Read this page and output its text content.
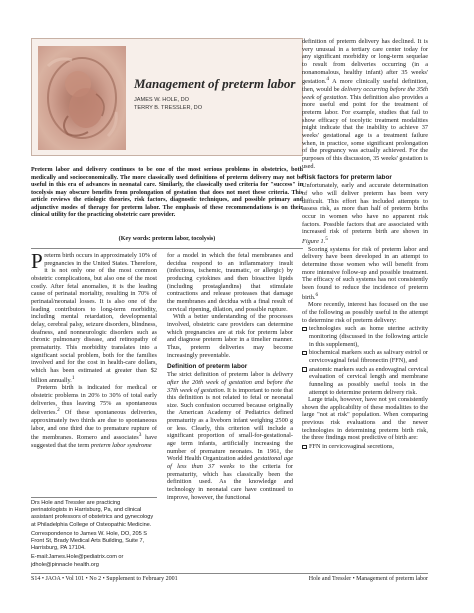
Management of preterm labor
JAMES W. HOLE, DO
TERRY B. TRESSLER, DO
Preterm labor and delivery continues to be one of the most serious problems in obstetrics, both medically and socioeconomically. The more classically used definitions of preterm delivery may not be useful in this era of advances in neonatal care. Similarly, the classically used criteria for "success" in tocolysis may obscure benefits from prolongation of gestation that does not meet these criteria. This article reviews the etiologic theories, risk factors, diagnostic techniques, and possible primary and adjunctive modes of therapy for preterm labor. The emphasis of these recommendations is on their clinical utility for the practicing obstetric care provider.
(Key words: preterm labor, tocolysis)

Preterm birth occurs in approximately 10% of pregnancies in the United States. Therefore, it is not only one of the most common obstetric complications, but also one of the most costly. After fetal anomalies, it is the leading cause of perinatal mortality, resulting in 70% of perinatal/neonatal losses. It is also one of the leading contributors to long-term morbidity, including mental retardation, developmental delay, cerebral palsy, seizure disorders, blindness, deafness, and nonneurologic disorders such as chronic pulmonary disease, and retinopathy of prematurity. This morbidity translates into a significant social problem, both for the families involved and for the cost in health-care dollars, which has been estimated at greater than $2 billion annually.$^1$

Preterm birth is indicated for medical or obstetric problems in 20% to 30% of total early deliveries, thus leaving 75% as spontaneous deliveries.$^2$ Of these spontaneous deliveries, approximately two thirds are due to spontaneous labor, and one third due to premature rupture of the membranes. Romero and associates$^3$ have suggested that the term preterm labor syndrome

Drs Hole and Tressler are practicing perinatologists in Harrisburg, Pa, and clinical assistant professors of obstetrics and gynecology at Philadelphia College of Osteopathic Medicine.

Correspondence to James W. Hole, DO, 205 S Front St, Brady Medical Arts Building, Suite 7, Harrisburg, PA 17104.

E-mail:James.Hole@pediatrix.com or jdhole@pinnacle health.org

for a model in which the fetal membranes and decidua respond to an inflammatory insult (infectious, ischemic, traumatic, or allergic) by producing cytokines and then bioactive lipids (including prostaglandins) that stimulate contractions and release proteases that damage the membranes and decidua with a final result of cervical ripening, dilation, and possible rupture.

With a better understanding of the processes involved, obstetric care providers can determine which pregnancies are at risk for preterm labor and diagnose preterm labor in a timelier manner. Thus, preterm deliveries may become increasingly preventable.

Definition of preterm labor

The strict definition of preterm labor is delivery after the 20th week of gestation and before the 37th week of gestation. It is important to note that this definition is not related to fetal or neonatal size. Such confusion occurred because originally the American Academy of Pediatrics defined prematurity as a liveborn infant weighing 2500 g or less. Clearly, this criterion will include a significant proportion of small-for-gestational-age term infants, artificially increasing the number of premature neonates. In 1961, the World Health Organization added gestational age of less than 37 weeks to the criteria for prematurity, which has classically been the definition used. As the knowledge and technology in neonatal care have continued to improve, however, the functional

definition of preterm delivery has declined. It is very unusual in a tertiary care center today for any significant morbidity or long-term sequelae to result from deliveries occurring (in a nonanomalous, healthy infant) after 35 weeks' gestation.$^4$ A more clinically useful definition, then, would be delivery occurring before the 35th week of gestation. This definition also provides a more useful end point for the treatment of preterm labor. For example, studies that fail to show efficacy of tocolytic treatment modalities might indicate that the inability to achieve 37 weeks' gestational age is a treatment failure when, in practice, some significant prolongation of the pregnancy was actually achieved. For the purposes of this discussion, 35 weeks' gestation is used.

Risk factors for preterm labor

Unfortunately, early and accurate determination of who will deliver preterm has been very difficult. This effort has included attempts to assess risk, as more than half of preterm births occur in women who have no apparent risk factors. Possible factors that are associated with increased risk of preterm birth are shown in Figure 1.$^5$

Scoring systems for risk of preterm labor and delivery have been developed in an attempt to determine those women who will benefit from more intensive follow-up and possible treatment. The efficacy of such systems has not consistently been found to reduce the incidence of preterm birth.$^6$

More recently, interest has focused on the use of the following as possibly useful in the attempt to determine risk of preterm delivery:

technologies such as home uterine activity monitoring (discussed in the following article in this supplement),

biochemical markers such as salivary estriol or cervicovaginal fetal fibronectin (FFN), and

anatomic markers such as endovaginal cervical evaluation of cervical length and membrane funneling as possibly useful tools in the attempt to determine preterm delivery risk.

Large trials, however, have not yet consistently shown the applicability of these modalities to the large "not at risk" population. When comparing previous risk evaluations and the newer technologies in determining preterm birth risk, the three findings most predictive of birth are:

FFN in cervicovaginal secretions,

S14 • JAOA • Vol 101 • No 2 • Supplement to February 2001	Hole and Tressler • Management of preterm labor
